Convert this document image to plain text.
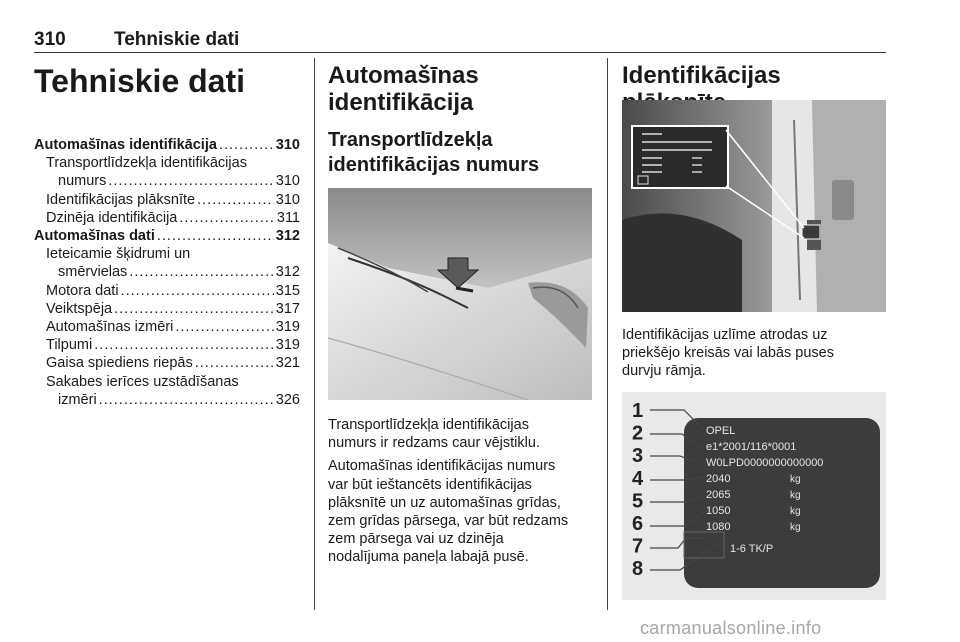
310	Tehniskie dati
Tehniskie dati
Automašīnas identifikācija .....	310
Transportlīdzekļa identifikācijas
numurs .....	310
Identifikācijas plāksnīte .....	310
Dzinēja identifikācija .....	311
Automašīnas dati .....	312
Ieteicamie šķidrumi un
smērvielas .....	312
Motora dati .....	315
Veiktspēja .....	317
Automašīnas izmēri .....	319
Tilpumi .....	319
Gaisa spiediens riepās .....	321
Sakabes ierīces uzstādīšanas
izmēri .....	326
Automašīnas
identifikācija
Transportlīdzekļa
identifikācijas numurs

Transportlīdzekļa identifikācijas

numurs ir redzams caur vējstiklu.

Automašīnas identifikācijas numurs

var būt ieštancēts identifikācijas

plāksnītē un uz automašīnas grīdas,

zem grīdas pārsega, var būt redzams

zem pārsega vai uz dzinēja

nodalījuma paneļa labajā pusē.

Identifikācijas

Identifikācijas uzlīme atrodas uz

priekšējo kreisās vai labās puses

durvju rāmja.

1
2
3
4
5
6
7
8
OPEL
e1*2001/116*0001
W0LPD0000000000000
2040
2065
1050
1080
1-6 TK/P
kg
kg
kg
kg
carmanualsonline.info
